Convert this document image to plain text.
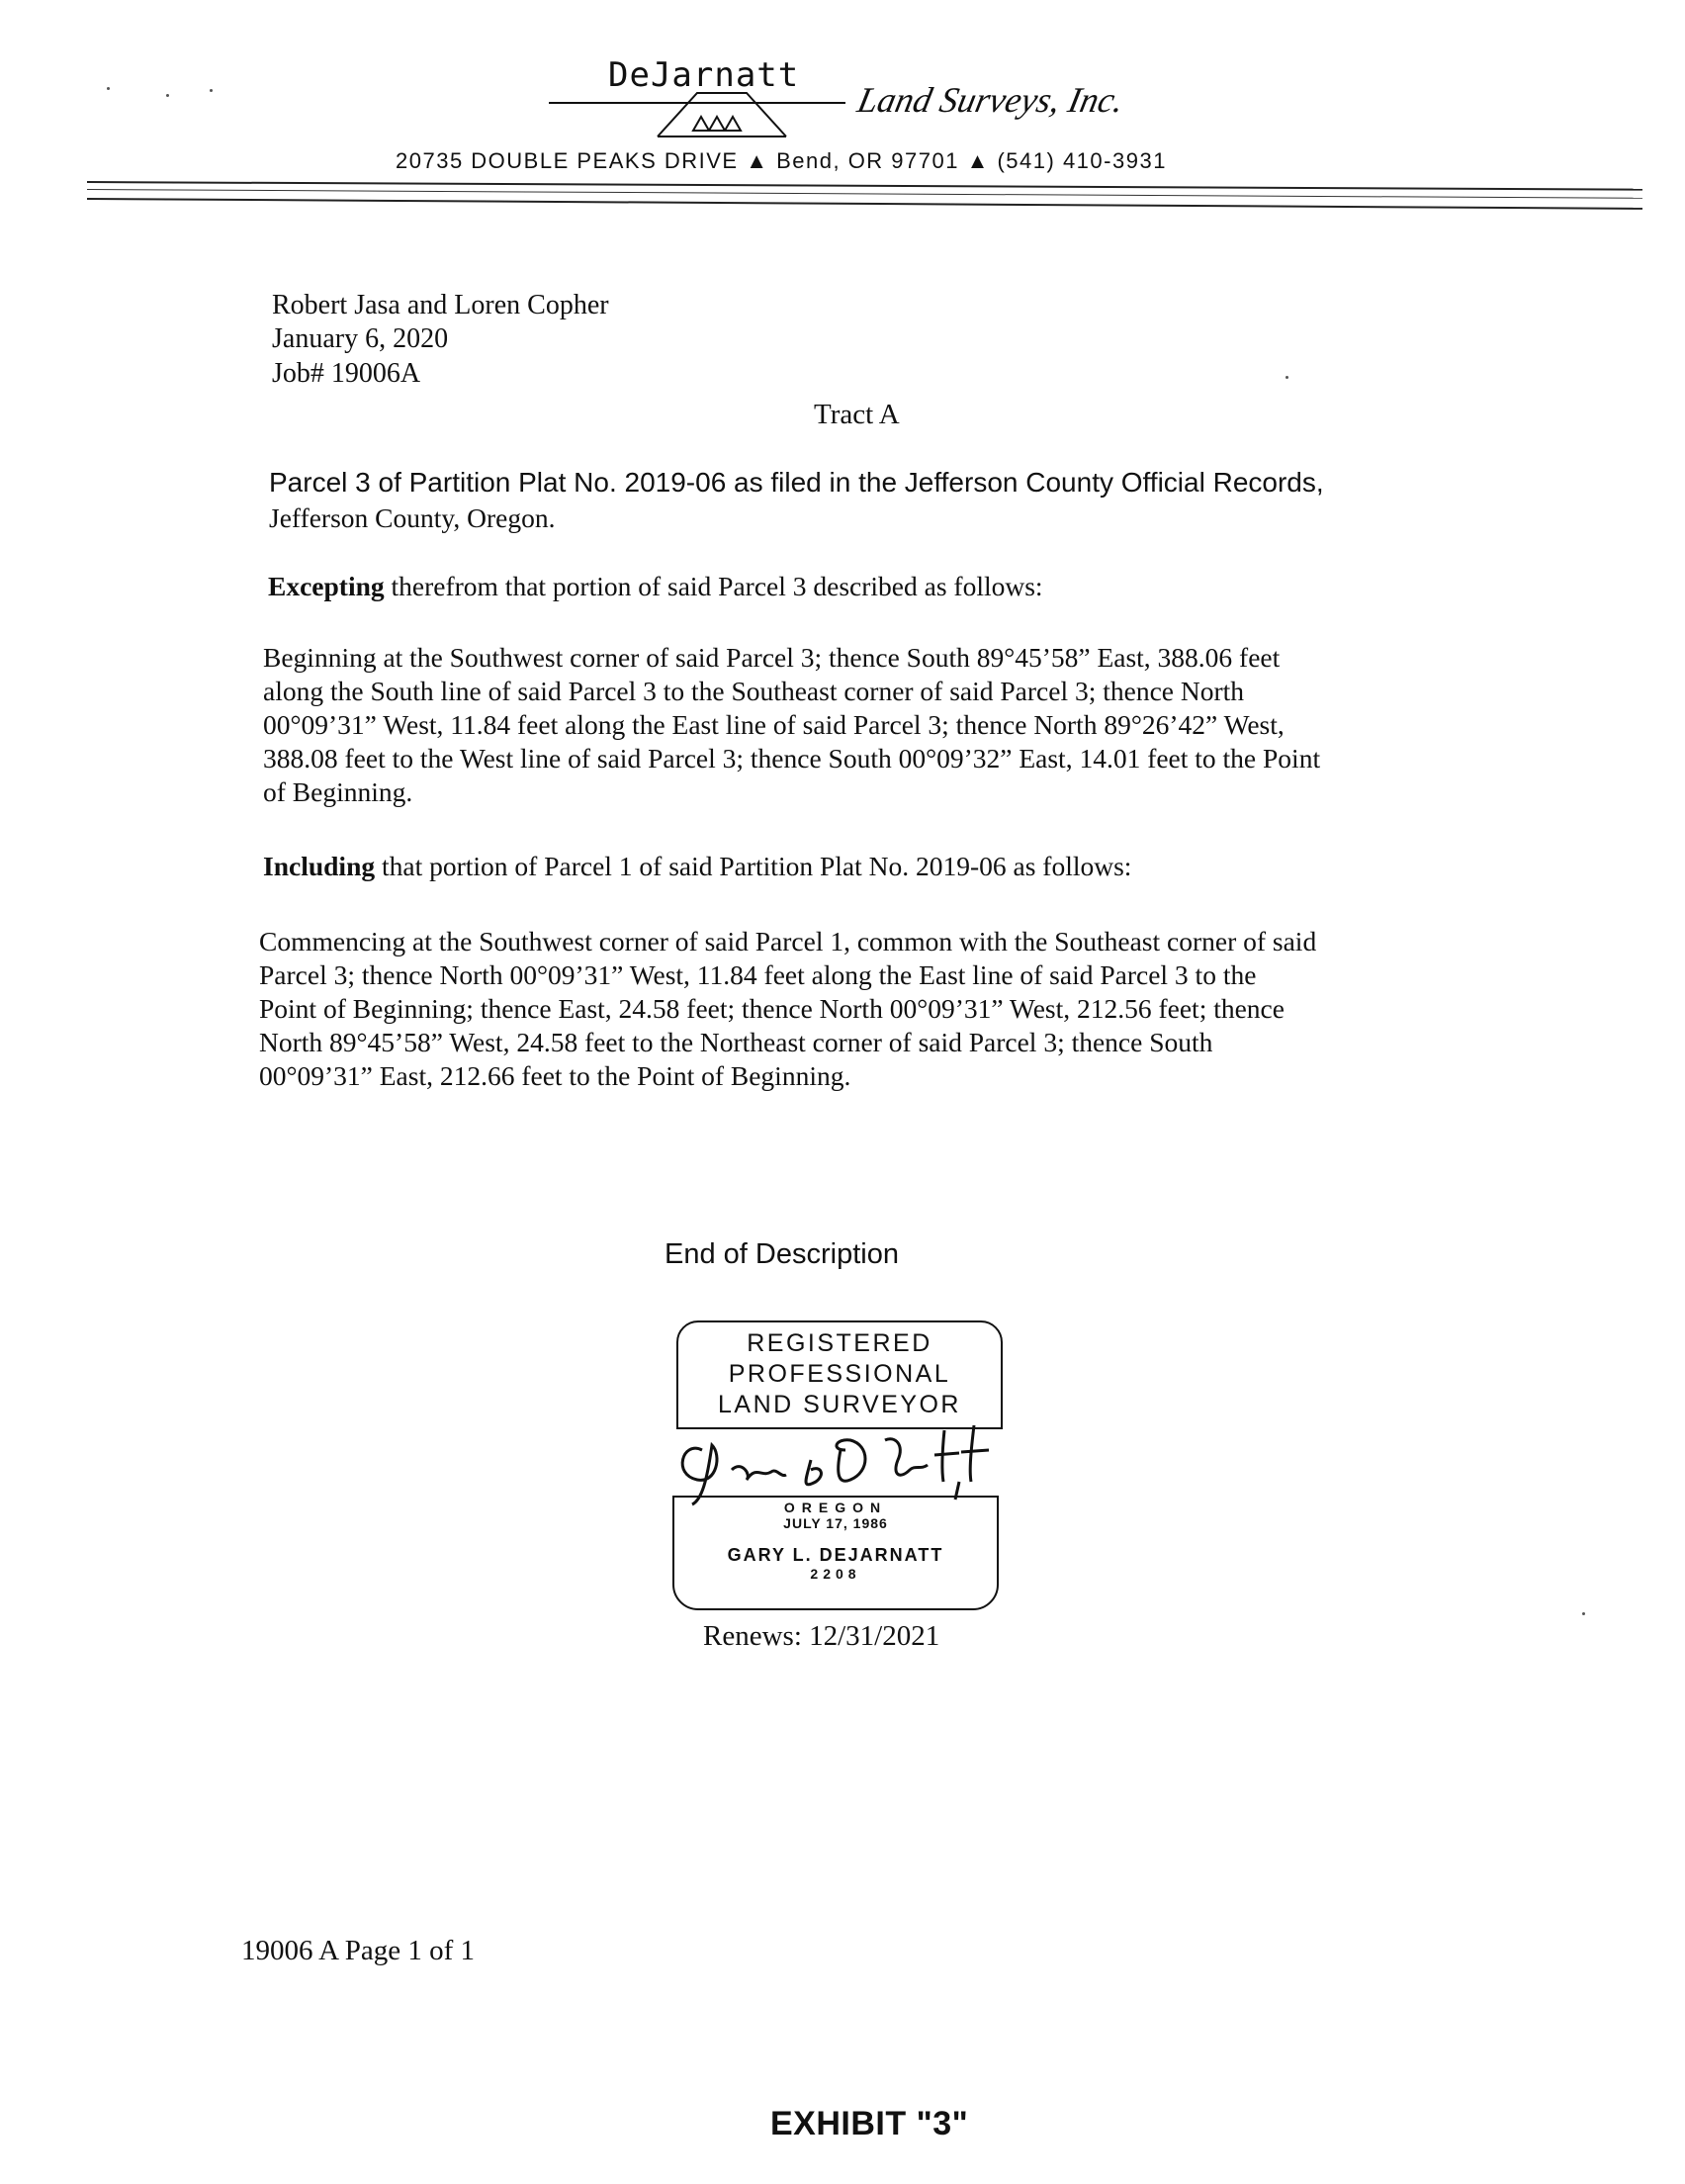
DeJarnatt
Land Surveys, Inc.
20735 DOUBLE PEAKS DRIVE ▲ Bend, OR 97701 ▲ (541) 410-3931
Robert Jasa and Loren Copher
January 6, 2020
Job# 19006A
Tract A
Parcel 3 of Partition Plat No. 2019-06 as filed in the Jefferson County Official Records,
Jefferson County, Oregon.
Excepting therefrom that portion of said Parcel 3 described as follows:
Beginning at the Southwest corner of said Parcel 3; thence South 89°45’58” East, 388.06 feet
along the South line of said Parcel 3 to the Southeast corner of said Parcel 3; thence North
00°09’31” West, 11.84 feet along the East line of said Parcel 3; thence North 89°26’42” West,
388.08 feet to the West line of said Parcel 3; thence South 00°09’32” East, 14.01 feet to the Point
of Beginning.
Including that portion of Parcel 1 of said Partition Plat No. 2019-06 as follows:
Commencing at the Southwest corner of said Parcel 1, common with the Southeast corner of said
Parcel 3; thence North 00°09’31” West, 11.84 feet along the East line of said Parcel 3 to the
Point of Beginning; thence East, 24.58 feet; thence North 00°09’31” West, 212.56 feet; thence
North 89°45’58” West, 24.58 feet to the Northeast corner of said Parcel 3; thence South
00°09’31” East, 212.66 feet to the Point of Beginning.
End of Description
REGISTERED
PROFESSIONAL
LAND SURVEYOR
OREGON
JULY 17, 1986
GARY L. DEJARNATT
2208
Renews: 12/31/2021
19006 A Page 1 of 1
EXHIBIT "3"
